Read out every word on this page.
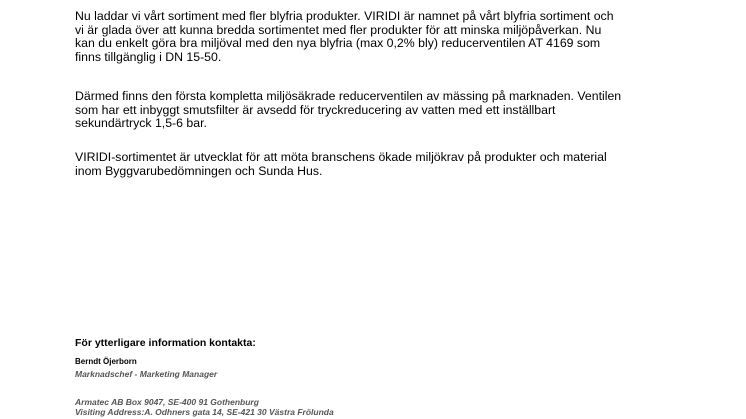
Nu laddar vi vårt sortiment med fler blyfria produkter. VIRIDI är namnet på vårt blyfria sortiment och
vi är glada över att kunna bredda sortimentet med fler produkter för att minska miljöpåverkan. Nu
kan du enkelt göra bra miljöval med den nya blyfria (max 0,2% bly) reducerventilen AT 4169 som
finns tillgänglig i DN 15-50.

Därmed finns den första kompletta miljösäkrade reducerventilen av mässing på marknaden. Ventilen
som har ett inbyggt smutsfilter är avsedd för tryckreducering av vatten med ett inställbart
sekundärtryck 1,5-6 bar.

VIRIDI-sortimentet är utvecklat för att möta branschens ökade miljökrav på produkter och material
inom Byggvarubedömningen och Sunda Hus.

För ytterligare information kontakta:

Berndt Öjerborn
Marknadschef - Marketing Manager
Armatec AB Box 9047, SE-400 91 Gothenburg
Visiting Address:A. Odhners gata 14, SE-421 30 Västra Frölunda
